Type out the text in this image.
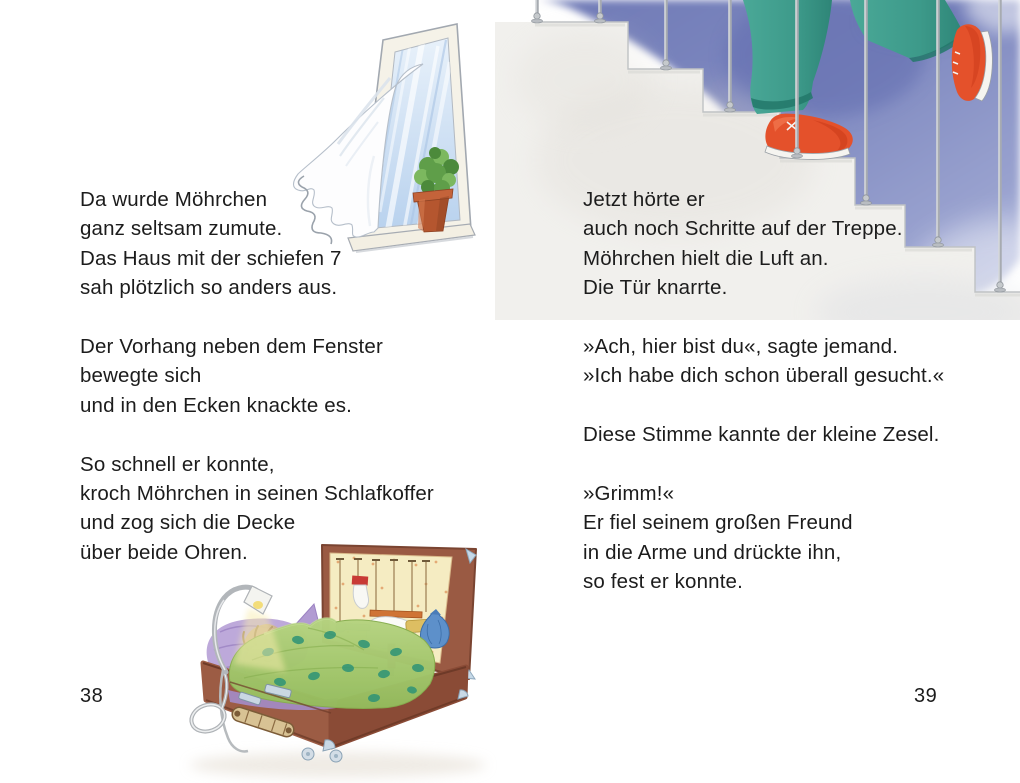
Da wurde Möhrchen
ganz seltsam zumute.
Das Haus mit der schiefen 7
sah plötzlich so anders aus.

Der Vorhang neben dem Fenster
bewegte sich
und in den Ecken knackte es.

So schnell er konnte,
kroch Möhrchen in seinen Schlafkoffer
und zog sich die Decke
über beide Ohren.

Jetzt hörte er
auch noch Schritte auf der Treppe.
Möhrchen hielt die Luft an.
Die Tür knarrte.

»Ach, hier bist du«, sagte jemand.
»Ich habe dich schon überall gesucht.«

Diese Stimme kannte der kleine Zesel.

»Grimm!«
Er fiel seinem großen Freund
in die Arme und drückte ihn,
so fest er konnte.

38	39
